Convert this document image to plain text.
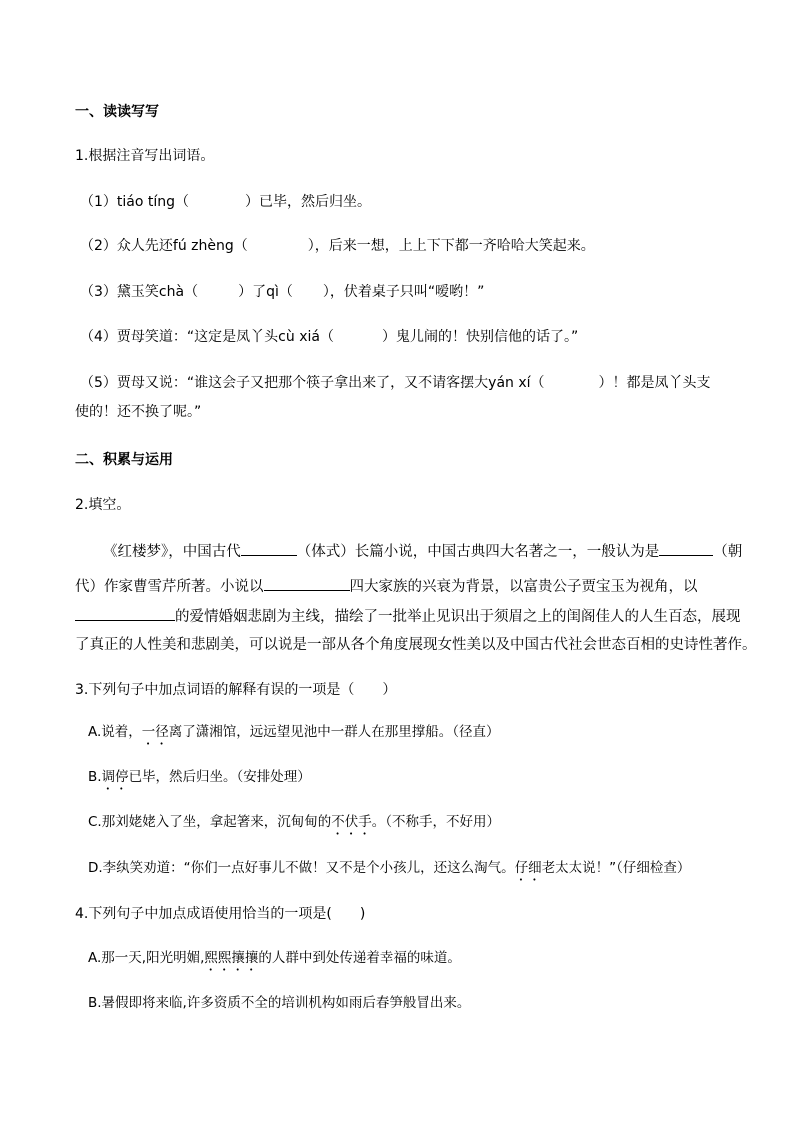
一、读读写写
1.根据注音写出词语。
（1）tiáo tíng（	）已毕，然后归坐。
（2）众人先还fú zhèng（	），后来一想，上上下下都一齐哈哈大笑起来。
（3）黛玉笑chà（	）了qì（ ），伏着桌子只叫“嗳哟！”
（4）贾母笑道：“这定是凤丫头cù xiá（	）鬼儿闹的！快别信他的话了。”
（5）贾母又说：“谁这会子又把那个筷子拿出来了，又不请客摆大yán xí（	）！都是凤丫头支
使的！还不换了呢。”
二、积累与运用
2.填空。
《红楼梦》，中国古代	（体式）长篇小说，中国古典四大名著之一，一般认为是	（朝
代）作家曹雪芹所著。小说以	四大家族的兴衰为背景，以富贵公子贾宝玉为视角，以
的爱情婚姻悲剧为主线，描绘了一批举止见识出于须眉之上的闺阁佳人的人生百态，展现
了真正的人性美和悲剧美，可以说是一部从各个角度展现女性美以及中国古代社会世态百相的史诗性著作。
3.下列句子中加点词语的解释有误的一项是（　　）
A.说着，一径离了潇湘馆，远远望见池中一群人在那里撑船。（径直）
B.调停已毕，然后归坐。（安排处理）
C.那刘姥姥入了坐，拿起箸来，沉甸甸的不伏手。（不称手，不好用）
D.李纨笑劝道：“你们一点好事儿不做！又不是个小孩儿，还这么淘气。仔细老太太说！”（仔细检查）
4.下列句子中加点成语使用恰当的一项是(　　)
A.那一天,阳光明媚,熙熙攘攘的人群中到处传递着幸福的味道。
B.暑假即将来临,许多资质不全的培训机构如雨后春笋般冒出来。
